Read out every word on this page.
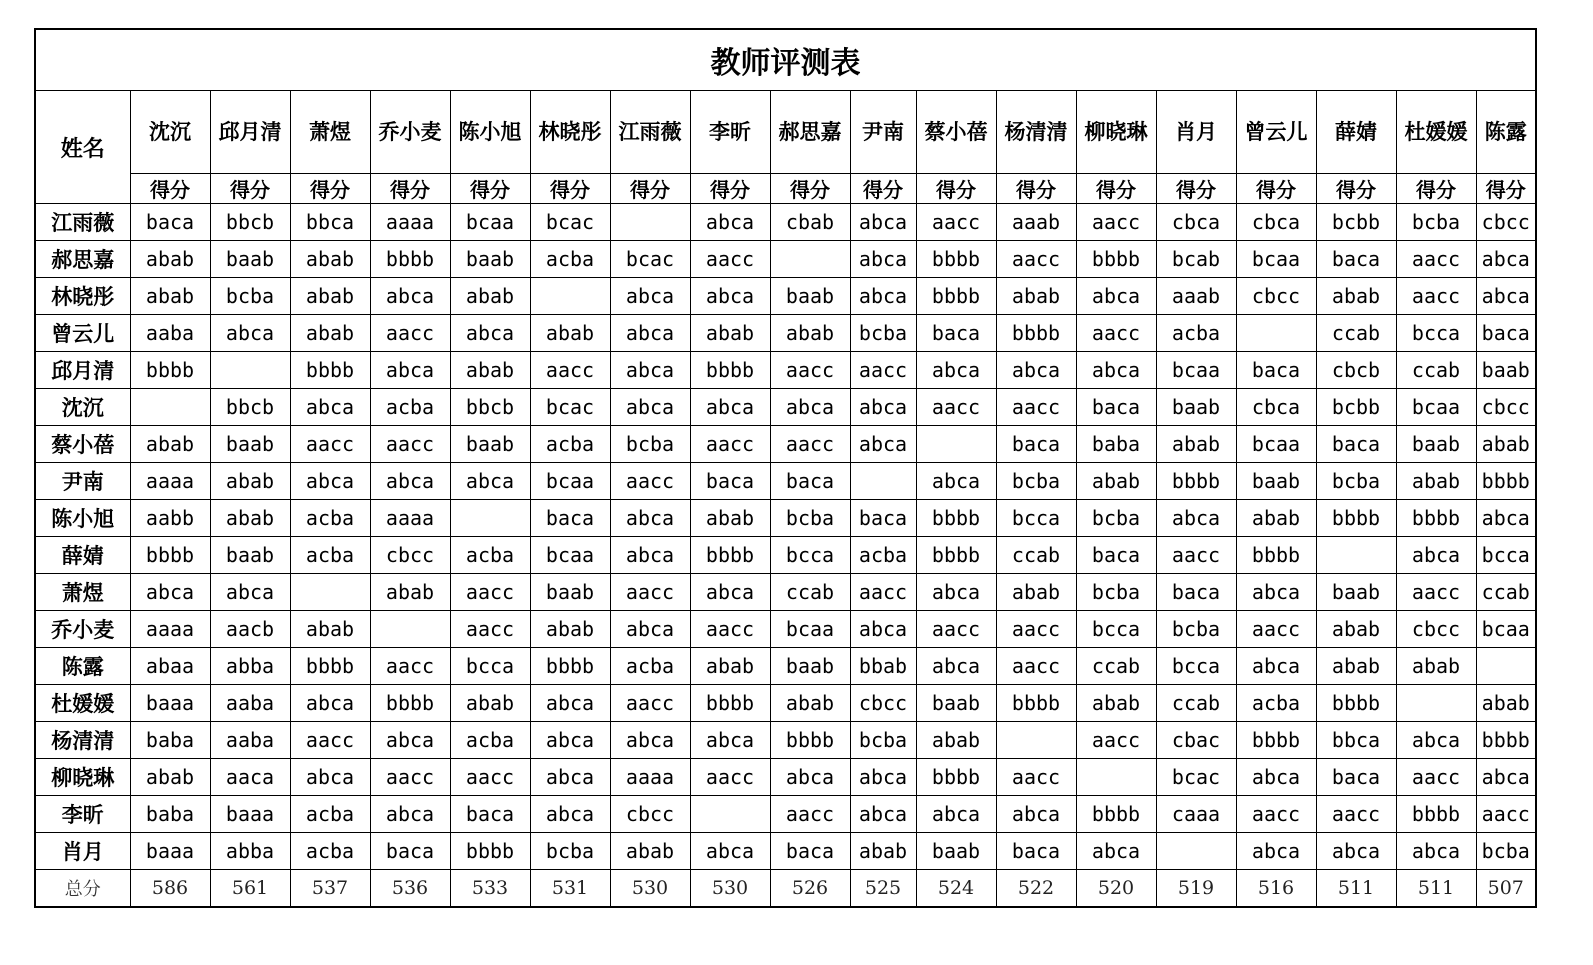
教师评测表																		
姓名	沈沉	邱月清	萧煜	乔小麦	陈小旭	林晓彤	江雨薇	李昕	郝思嘉	尹南	蔡小蓓	杨清清	柳晓琳	肖月	曾云儿	薛婧	杜媛媛	陈露
	得分	得分	得分	得分	得分	得分	得分	得分	得分	得分	得分	得分	得分	得分	得分	得分	得分	得分
江雨薇	baca	bbcb	bbca	aaaa	bcaa	bcac		abca	cbab	abca	aacc	aaab	aacc	cbca	cbca	bcbb	bcba	cbcc
郝思嘉	abab	baab	abab	bbbb	baab	acba	bcac	aacc		abca	bbbb	aacc	bbbb	bcab	bcaa	baca	aacc	abca
林晓彤	abab	bcba	abab	abca	abab		abca	abca	baab	abca	bbbb	abab	abca	aaab	cbcc	abab	aacc	abca
曾云儿	aaba	abca	abab	aacc	abca	abab	abca	abab	abab	bcba	baca	bbbb	aacc	acba		ccab	bcca	baca
邱月清	bbbb		bbbb	abca	abab	aacc	abca	bbbb	aacc	aacc	abca	abca	abca	bcaa	baca	cbcb	ccab	baab
沈沉		bbcb	abca	acba	bbcb	bcac	abca	abca	abca	abca	aacc	aacc	baca	baab	cbca	bcbb	bcaa	cbcc
蔡小蓓	abab	baab	aacc	aacc	baab	acba	bcba	aacc	aacc	abca		baca	baba	abab	bcaa	baca	baab	abab
尹南	aaaa	abab	abca	abca	abca	bcaa	aacc	baca	baca		abca	bcba	abab	bbbb	baab	bcba	abab	bbbb
陈小旭	aabb	abab	acba	aaaa		baca	abca	abab	bcba	baca	bbbb	bcca	bcba	abca	abab	bbbb	bbbb	abca
薛婧	bbbb	baab	acba	cbcc	acba	bcaa	abca	bbbb	bcca	acba	bbbb	ccab	baca	aacc	bbbb		abca	bcca
萧煜	abca	abca		abab	aacc	baab	aacc	abca	ccab	aacc	abca	abab	bcba	baca	abca	baab	aacc	ccab
乔小麦	aaaa	aacb	abab		aacc	abab	abca	aacc	bcaa	abca	aacc	aacc	bcca	bcba	aacc	abab	cbcc	bcaa
陈露	abaa	abba	bbbb	aacc	bcca	bbbb	acba	abab	baab	bbab	abca	aacc	ccab	bcca	abca	abab	abab	
杜媛媛	baaa	aaba	abca	bbbb	abab	abca	aacc	bbbb	abab	cbcc	baab	bbbb	abab	ccab	acba	bbbb		abab
杨清清	baba	aaba	aacc	abca	acba	abca	abca	abca	bbbb	bcba	abab		aacc	cbac	bbbb	bbca	abca	bbbb
柳晓琳	abab	aaca	abca	aacc	aacc	abca	aaaa	aacc	abca	abca	bbbb	aacc		bcac	abca	baca	aacc	abca
李昕	baba	baaa	acba	abca	baca	abca	cbcc		aacc	abca	abca	abca	bbbb	caaa	aacc	aacc	bbbb	aacc
肖月	baaa	abba	acba	baca	bbbb	bcba	abab	abca	baca	abab	baab	baca	abca		abca	abca	abca	bcba
总分	586	561	537	536	533	531	530	530	526	525	524	522	520	519	516	511	511	507
